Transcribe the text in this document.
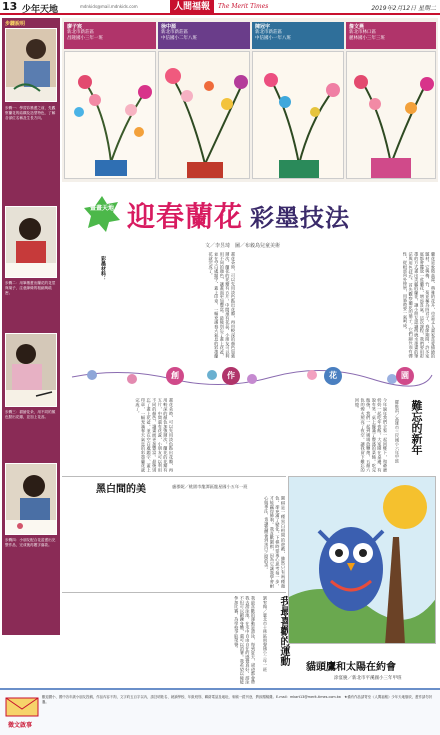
13 少年天地	mdnkids@mail.mdnkids.com	人間福報	The Merit Times	2019年2月12日 星期二
步驟說明
步驟一：學習彩墨畫之前，先觀察蘭花的結構及造型特色，了解各部位名稱及生長方向。
步驟二：用筆墨畫出蘭花的花莖與葉子，注意線條的粗細與疏密。
步驟三：描繪花朵，用不同的顏色點出花瓣，並加上花蕊。
步驟四：小朋友配合花盆畫出完整作品，完成後再題字落款。
廖子宸
新北市新莊區
昌隆國小三年一班
徐中源
新北市新莊區
中信國小二年八班
陳冠宇
新北市新莊區
中信國小一年八班
詹文燕
新北市林口區
麗林國小三年三班
畫畫天地 迎春蘭花 彩墨技法
文／李昱琦　圖／布穀鳥兒童美術
蘭花是象徵高潔、典雅的花卉，也是文人畫家喜愛描繪的題材。它與梅、竹、菊並稱為四君子。春節期間，許多家庭都會擺放一盆蘭花，增添喜氣。這次課程，我們要用彩墨的方式畫出美麗的蘭花，讓小朋友認識傳統水墨畫的筆法與用色技巧。首先觀察蘭花的葉子，它們細長而有彈性，從根部向外伸展，用筆時要一氣呵成。
畫花朵時，可以先用淡色點出花瓣，再用較深的顏色加強層次。蘭花的花瓣有五片，中間還有花蕊，小朋友可以利用不同的顏色，讓畫面更加豐富。最後別忘了畫上花盆，並在空白處題字、蓋上印章，一幅充滿春天氣息的彩墨蘭花就完成了。
彩墨材料：
創	作	花	園
難忘的新年
羅惟淇／高雄市三民國小六年甲班
今年過年我們全家一起回鄉下，和爺爺奶奶一起吃年夜飯。大家圍在桌邊，有說有笑，桌上擺滿了豐盛的菜餚。吃完飯後，我們一起到廣場放鞭炮，五顏六色的煙火照亮了夜空，讓我留下難忘的回憶。
畫花朵時，可以先用淡色點出花瓣，再用較深的顏色加強層次。蘭花的花瓣有五片，中間還有花蕊，小朋友可以利用不同的顏色，讓畫面更加豐富。最後別忘了畫上花盆，並在空白處題字、蓋上印章，一幅充滿春天氣息的彩墨蘭花就完成了。
黑白間的美	盧郡妮／桃園市龍潭區龍星國小五年一班
圍棋是一種黑白相間的遊戲，雖然只有兩種顏色，卻充滿了變化。下棋時要專心思考每一步，才能贏得勝利。我喜歡圍棋，因為它讓我學會耐心與專注，也讓我體會到黑白之間的美。
我最喜歡的運動
劉宥翰／臺北市士林區雨聲國小三年一班
我最喜歡的運動是游泳，每到夏天，爸爸都會帶我去游泳池。在水中自由自在的感覺真好，游泳不但可以鍛鍊身體，還可以消暑。我希望以後能參加比賽，為學校爭取榮譽。
貓頭鷹和太陽在約會
涂宴慶／新北市平溪國小三年甲班
徵文啟事
歡迎國小、國中各年級小朋友投稿，作品內容不拘，文字約五百字以內，請註明姓名、就讀學校、年級班別、聯絡電話及地址，來稿一經刊登，將致贈稿費。E-mail：mkart13@merit-times.com.tw　★備有作品請寄至《人間福報》少年天地版收，畫作請勿折疊。
